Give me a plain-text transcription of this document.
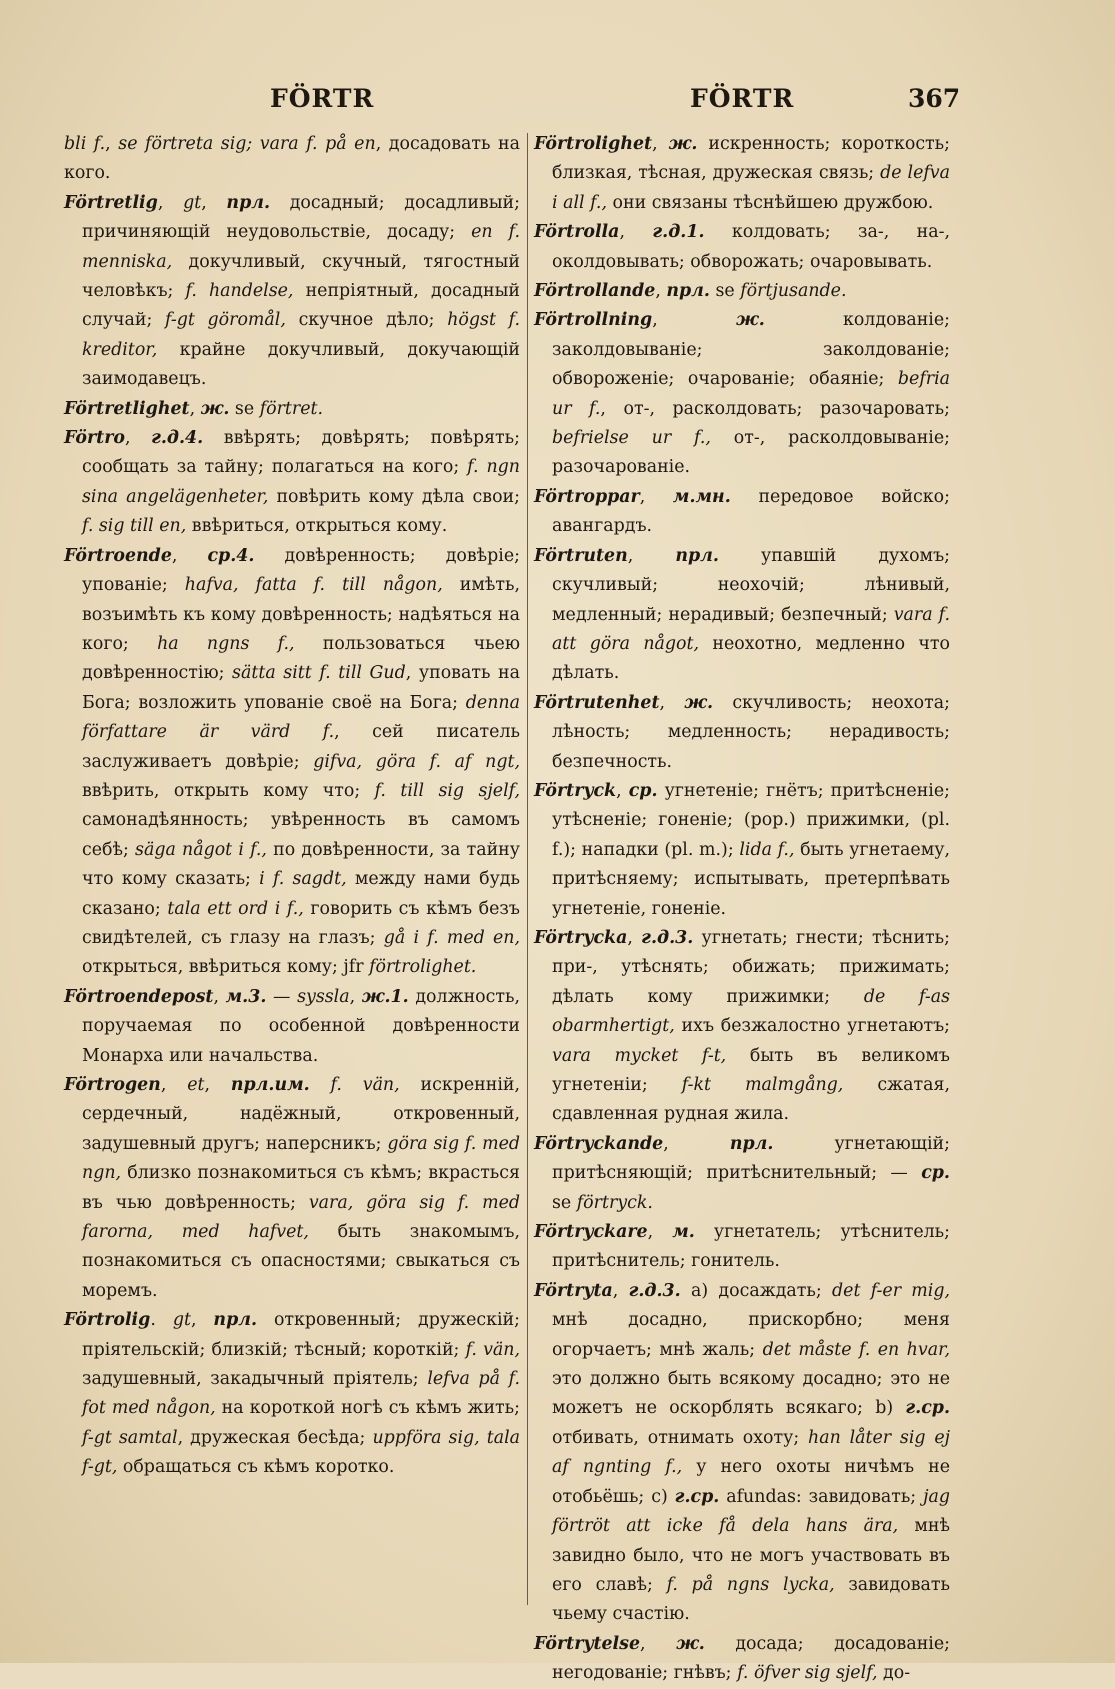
FÖRTR	FÖRTR	367

bli f., se förtreta sig; vara f. på en, досадовать на кого.

Förtretlig, gt, прл. досадный; досадливый; причиняющій неудовольствіе, досаду; en f. menniska, докучливый, скучный, тягостный человѣкъ; f. handelse, непріятный, досадный случай; f-gt göromål, скучное дѣло; högst f. kreditor, крайне докучливый, докучающій заимодавецъ.

Förtretlighet, ж. se förtret.

Förtro, г.д.4. ввѣрять; довѣрять; повѣрять; сообщать за тайну; полагаться на кого; f. ngn sina angelägenheter, повѣрить кому дѣла свои; f. sig till en, ввѣриться, открыться кому.

Förtroende, ср.4. довѣренность; довѣріе; упованіе; hafva, fatta f. till någon, имѣть, возъимѣть къ кому довѣренность; надѣяться на кого; ha ngns f., пользоваться чьею довѣренностію; sätta sitt f. till Gud, уповать на Бога; возложить упованіе своё на Бога; denna författare är värd f., сей писатель заслуживаетъ довѣріе; gifva, göra f. af ngt, ввѣрить, открыть кому что; f. till sig sjelf, самонадѣянность; увѣренность въ самомъ себѣ; säga något i f., по довѣренности, за тайну что кому сказать; i f. sagdt, между нами будь сказано; tala ett ord i f., говорить съ кѣмъ безъ свидѣтелей, съ глазу на глазъ; gå i f. med en, открыться, ввѣриться кому; jfr förtrolighet.

Förtroendepost, м.3. — syssla, ж.1. должность, поручаемая по особенной довѣренности Монарха или начальства.

Förtrogen, et, прл.им. f. vän, искренній, сердечный, надёжный, откровенный, задушевный другъ; наперсникъ; göra sig f. med ngn, близко познакомиться съ кѣмъ; вкрасться въ чью довѣренность; vara, göra sig f. med farorna, med hafvet, быть знакомымъ, познакомиться съ опасностями; свыкаться съ моремъ.

Förtrolig. gt, прл. откровенный; дружескій; пріятельскій; близкій; тѣсный; короткій; f. vän, задушевный, закадычный пріятель; lefva på f. fot med någon, на короткой ногѣ съ кѣмъ жить; f-gt samtal, дружеская бесѣда; uppföra sig, tala f-gt, обращаться съ кѣмъ коротко.

Förtrolighet, ж. искренность; короткость; близкая, тѣсная, дружеская связь; de lefva i all f., они связаны тѣснѣйшею дружбою.

Förtrolla, г.д.1. колдовать; за-, на-, околдовывать; обворожать; очаровывать.

Förtrollande, прл. se förtjusande.

Förtrollning, ж. колдованіе; заколдовываніе; заколдованіе; обвороженіе; очарованіе; обаяніе; befria ur f., от-, расколдовать; разочаровать; befrielse ur f., от-, расколдовываніе; разочарованіе.

Förtroppar, м.мн. передовое войско; авангардъ.

Förtruten, прл. упавшій духомъ; скучливый; неохочій; лѣнивый, медленный; нерадивый; безпечный; vara f. att göra något, неохотно, медленно что дѣлать.

Förtrutenhet, ж. скучливость; неохота; лѣность; медленность; нерадивость; безпечность.

Förtryck, ср. угнетеніе; гнётъ; притѣсненіе; утѣсненіе; гоненіе; (рор.) прижимки, (pl. f.); нападки (pl. m.); lida f., быть угнетаему, притѣсняему; испытывать, претерпѣвать угнетеніе, гоненіе.

Förtrycka, г.д.3. угнетать; гнести; тѣснить; при-, утѣснять; обижать; прижимать; дѣлать кому прижимки; de f-as obarmhertigt, ихъ безжалостно угнетаютъ; vara mycket f-t, быть въ великомъ угнетеніи; f-kt malmgång, сжатая, сдавленная рудная жила.

Förtryckande, прл. угнетающій; притѣсняющій; притѣснительный; — ср. se förtryck.

Förtryckare, м. угнетатель; утѣснитель; притѣснитель; гонитель.

Förtryta, г.д.3. a) досаждать; det f-er mig, мнѣ досадно, прискорбно; меня огорчаетъ; мнѣ жаль; det måste f. en hvar, это должно быть всякому досадно; это не можетъ не оскорблять всякаго; b) г.ср. отбивать, отнимать охоту; han låter sig ej af ngnting f., у него охоты ничѣмъ не отобьёшь; c) г.ср. afundas: завидовать; jag förtröt att icke få dela hans ära, мнѣ завидно было, что не могъ участвовать въ его славѣ; f. på ngns lycka, завидовать чьему счастію.

Förtrytelse, ж. досада; досадованіе; негодованіе; гнѣвъ; f. öfver sig sjelf, до-
